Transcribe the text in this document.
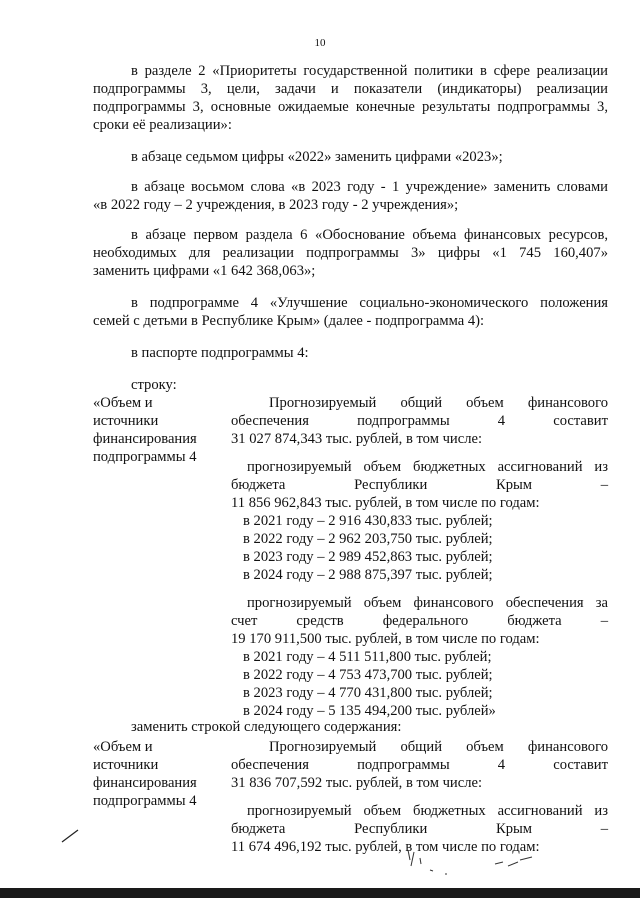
10
в разделе 2 «Приоритеты государственной политики в сфере реализации
подпрограммы 3, цели, задачи и показатели (индикаторы) реализации
подпрограммы 3, основные ожидаемые конечные результаты подпрограммы 3,
сроки её реализации»:
в абзаце седьмом цифры «2022» заменить цифрами «2023»;
в абзаце восьмом слова «в 2023 году - 1 учреждение» заменить словами
«в 2022 году – 2 учреждения, в 2023 году - 2 учреждения»;
в абзаце первом раздела 6 «Обоснование объема финансовых ресурсов,
необходимых для реализации подпрограммы 3» цифры «1 745 160,407»
заменить цифрами «1 642 368,063»;
в подпрограмме 4 «Улучшение социально-экономического положения
семей с детьми в Республике Крым» (далее - подпрограмма 4):
в паспорте подпрограммы 4:
строку:
«Объем и
источники
финансирования
подпрограммы 4
Прогнозируемый общий объем финансового
обеспечения подпрограммы 4 составит
31 027 874,343 тыс. рублей, в том числе:
прогнозируемый объем бюджетных ассигнований из
бюджета Республики Крым –
11 856 962,843 тыс. рублей, в том числе по годам:
в 2021 году – 2 916 430,833 тыс. рублей;
в 2022 году – 2 962 203,750 тыс. рублей;
в 2023 году – 2 989 452,863 тыс. рублей;
в 2024 году – 2 988 875,397 тыс. рублей;
прогнозируемый объем финансового обеспечения за
счет средств федерального бюджета –
19 170 911,500 тыс. рублей, в том числе по годам:
в 2021 году – 4 511 511,800 тыс. рублей;
в 2022 году – 4 753 473,700 тыс. рублей;
в 2023 году – 4 770 431,800 тыс. рублей;
в 2024 году – 5 135 494,200 тыс. рублей»
заменить строкой следующего содержания:
«Объем и
источники
финансирования
подпрограммы 4
Прогнозируемый общий объем финансового
обеспечения подпрограммы 4 составит
31 836 707,592 тыс. рублей, в том числе:
прогнозируемый объем бюджетных ассигнований из
бюджета Республики Крым –
11 674 496,192 тыс. рублей, в том числе по годам:
